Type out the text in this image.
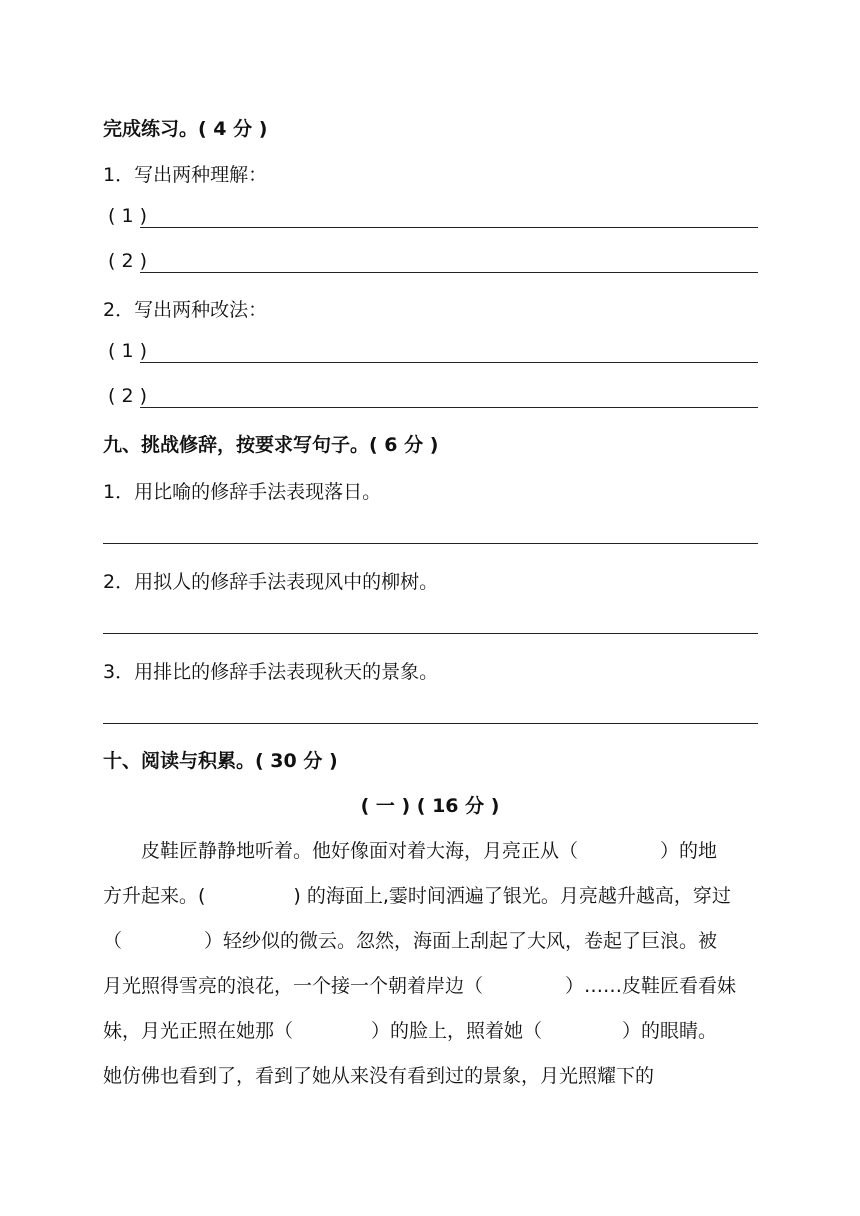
完成练习。( 4 分 )
1．写出两种理解：
( 1 )
( 2 )
2．写出两种改法：
( 1 )
( 2 )
九、挑战修辞，按要求写句子。( 6 分 )
1．用比喻的修辞手法表现落日。
2．用拟人的修辞手法表现风中的柳树。
3．用排比的修辞手法表现秋天的景象。
十、阅读与积累。( 30 分 )
( 一 ) ( 16 分 )
皮鞋匠静静地听着。他好像面对着大海，月亮正从（	）的地
方升起来。(	) 的海面上,霎时间洒遍了银光。月亮越升越高，穿过
（	）轻纱似的微云。忽然，海面上刮起了大风，卷起了巨浪。被
月光照得雪亮的浪花，一个接一个朝着岸边（	）……皮鞋匠看看妹
妹，月光正照在她那（	）的脸上，照着她（	）的眼睛。
她仿佛也看到了，看到了她从来没有看到过的景象，月光照耀下的
